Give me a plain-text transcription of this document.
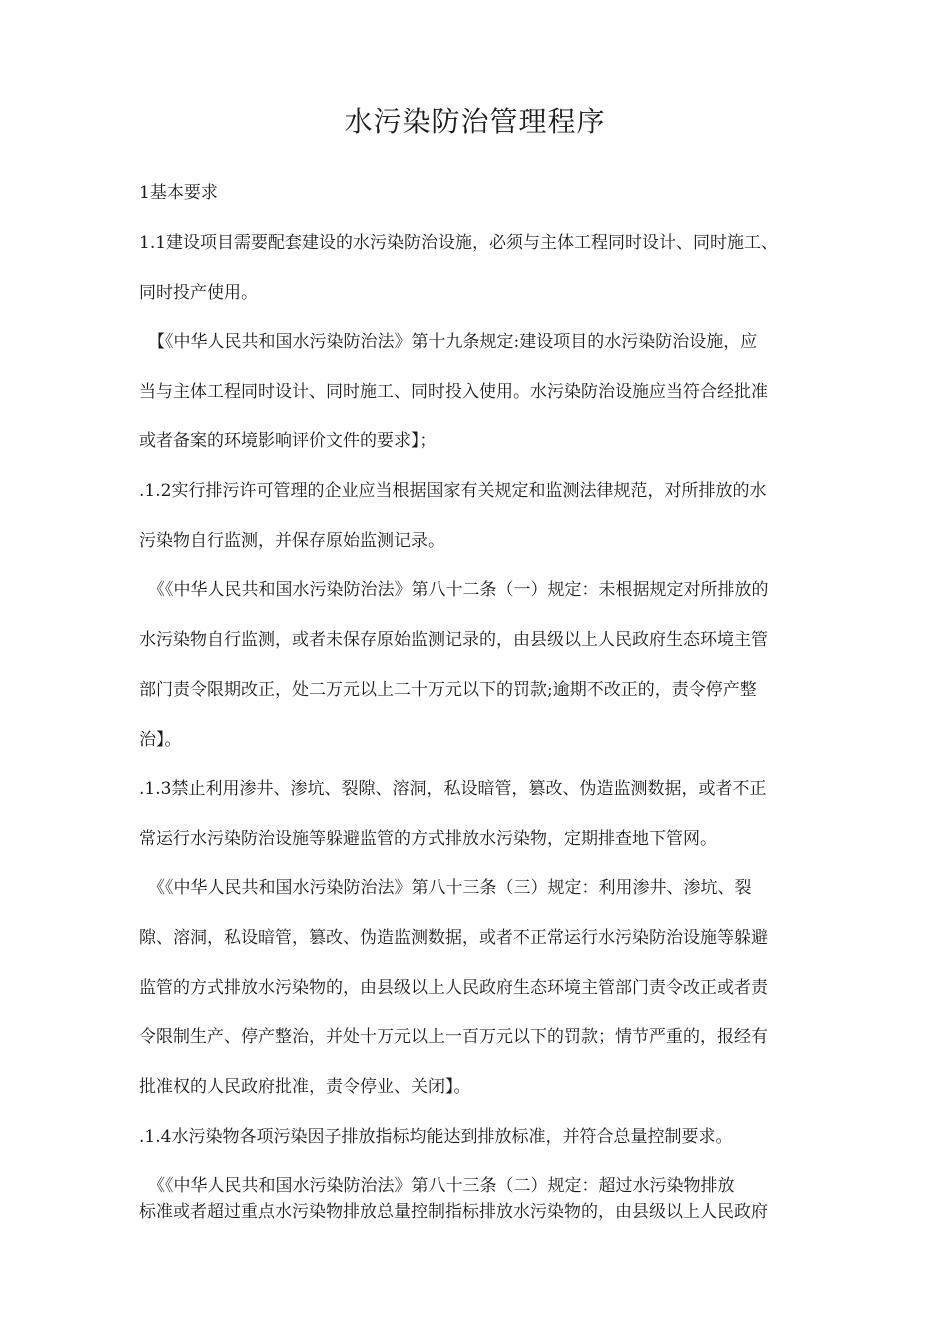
水污染防治管理程序
1基本要求
1.1建设项目需要配套建设的水污染防治设施，必须与主体工程同时设计、同时施工、
同时投产使用。
【《中华人民共和国水污染防治法》第十九条规定:建设项目的水污染防治设施，应
当与主体工程同时设计、同时施工、同时投入使用。水污染防治设施应当符合经批准
或者备案的环境影响评价文件的要求】；
.1.2实行排污许可管理的企业应当根据国家有关规定和监测法律规范，对所排放的水
污染物自行监测，并保存原始监测记录。
《《中华人民共和国水污染防治法》第八十二条（一）规定：未根据规定对所排放的
水污染物自行监测，或者未保存原始监测记录的，由县级以上人民政府生态环境主管
部门责令限期改正，处二万元以上二十万元以下的罚款;逾期不改正的，责令停产整
治】。
.1.3禁止利用渗井、渗坑、裂隙、溶洞，私设暗管，篡改、伪造监测数据，或者不正
常运行水污染防治设施等躲避监管的方式排放水污染物，定期排查地下管网。
《《中华人民共和国水污染防治法》第八十三条（三）规定：利用渗井、渗坑、裂
隙、溶洞，私设暗管，篡改、伪造监测数据，或者不正常运行水污染防治设施等躲避
监管的方式排放水污染物的，由县级以上人民政府生态环境主管部门责令改正或者责
令限制生产、停产整治，并处十万元以上一百万元以下的罚款；情节严重的，报经有
批准权的人民政府批准，责令停业、关闭】。
.1.4水污染物各项污染因子排放指标均能达到排放标准，并符合总量控制要求。
《《中华人民共和国水污染防治法》第八十三条（二）规定：超过水污染物排放
标准或者超过重点水污染物排放总量控制指标排放水污染物的，由县级以上人民政府
